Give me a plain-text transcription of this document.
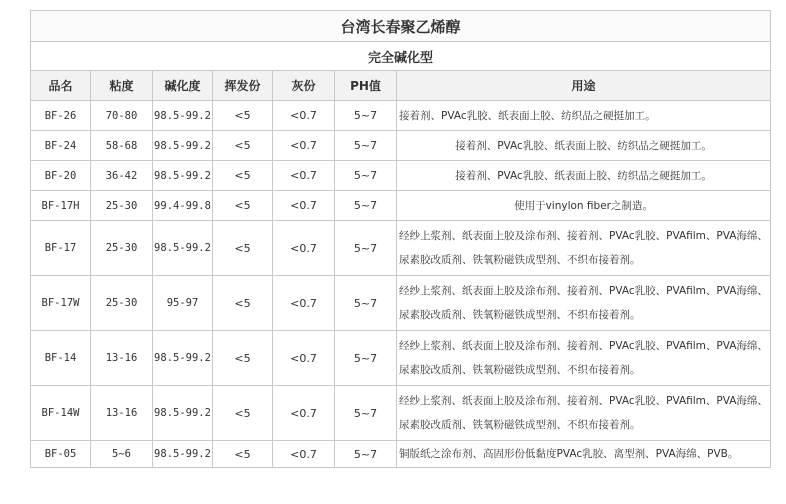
台湾长春聚乙烯醇						
完全碱化型						
品名	粘度	碱化度	挥发份	灰份	PH值	用途
BF-26	70-80	98.5-99.2	<5	<0.7	5~7	接着剂、PVAc乳胶、纸表面上胶、纺织品之硬挺加工。
BF-24	58-68	98.5-99.2	<5	<0.7	5~7	接着剂、PVAc乳胶、纸表面上胶、纺织品之硬挺加工。
BF-20	36-42	98.5-99.2	<5	<0.7	5~7	接着剂、PVAc乳胶、纸表面上胶、纺织品之硬挺加工。
BF-17H	25-30	99.4-99.8	<5	<0.7	5~7	使用于vinylon fiber之制造。
BF-17	25-30	98.5-99.2	<5	<0.7	5~7	经纱上浆剂、纸表面上胶及涂布剂、接着剂、PVAc乳胶、PVAfilm、PVA海绵、尿素胶改质剂、铁氧粉磁铁成型剂、不织布接着剂。
BF-17W	25-30	95-97	<5	<0.7	5~7	经纱上浆剂、纸表面上胶及涂布剂、接着剂、PVAc乳胶、PVAfilm、PVA海绵、尿素胶改质剂、铁氧粉磁铁成型剂、不织布接着剂。
BF-14	13-16	98.5-99.2	<5	<0.7	5~7	经纱上浆剂、纸表面上胶及涂布剂、接着剂、PVAc乳胶、PVAfilm、PVA海绵、尿素胶改质剂、铁氧粉磁铁成型剂、不织布接着剂。
BF-14W	13-16	98.5-99.2	<5	<0.7	5~7	经纱上浆剂、纸表面上胶及涂布剂、接着剂、PVAc乳胶、PVAfilm、PVA海绵、尿素胶改质剂、铁氧粉磁铁成型剂、不织布接着剂。
BF-05	5~6	98.5-99.2	<5	<0.7	5~7	铜版纸之涂布剂、高固形份低黏度PVAc乳胶、离型剂、PVA海绵、PVB。
